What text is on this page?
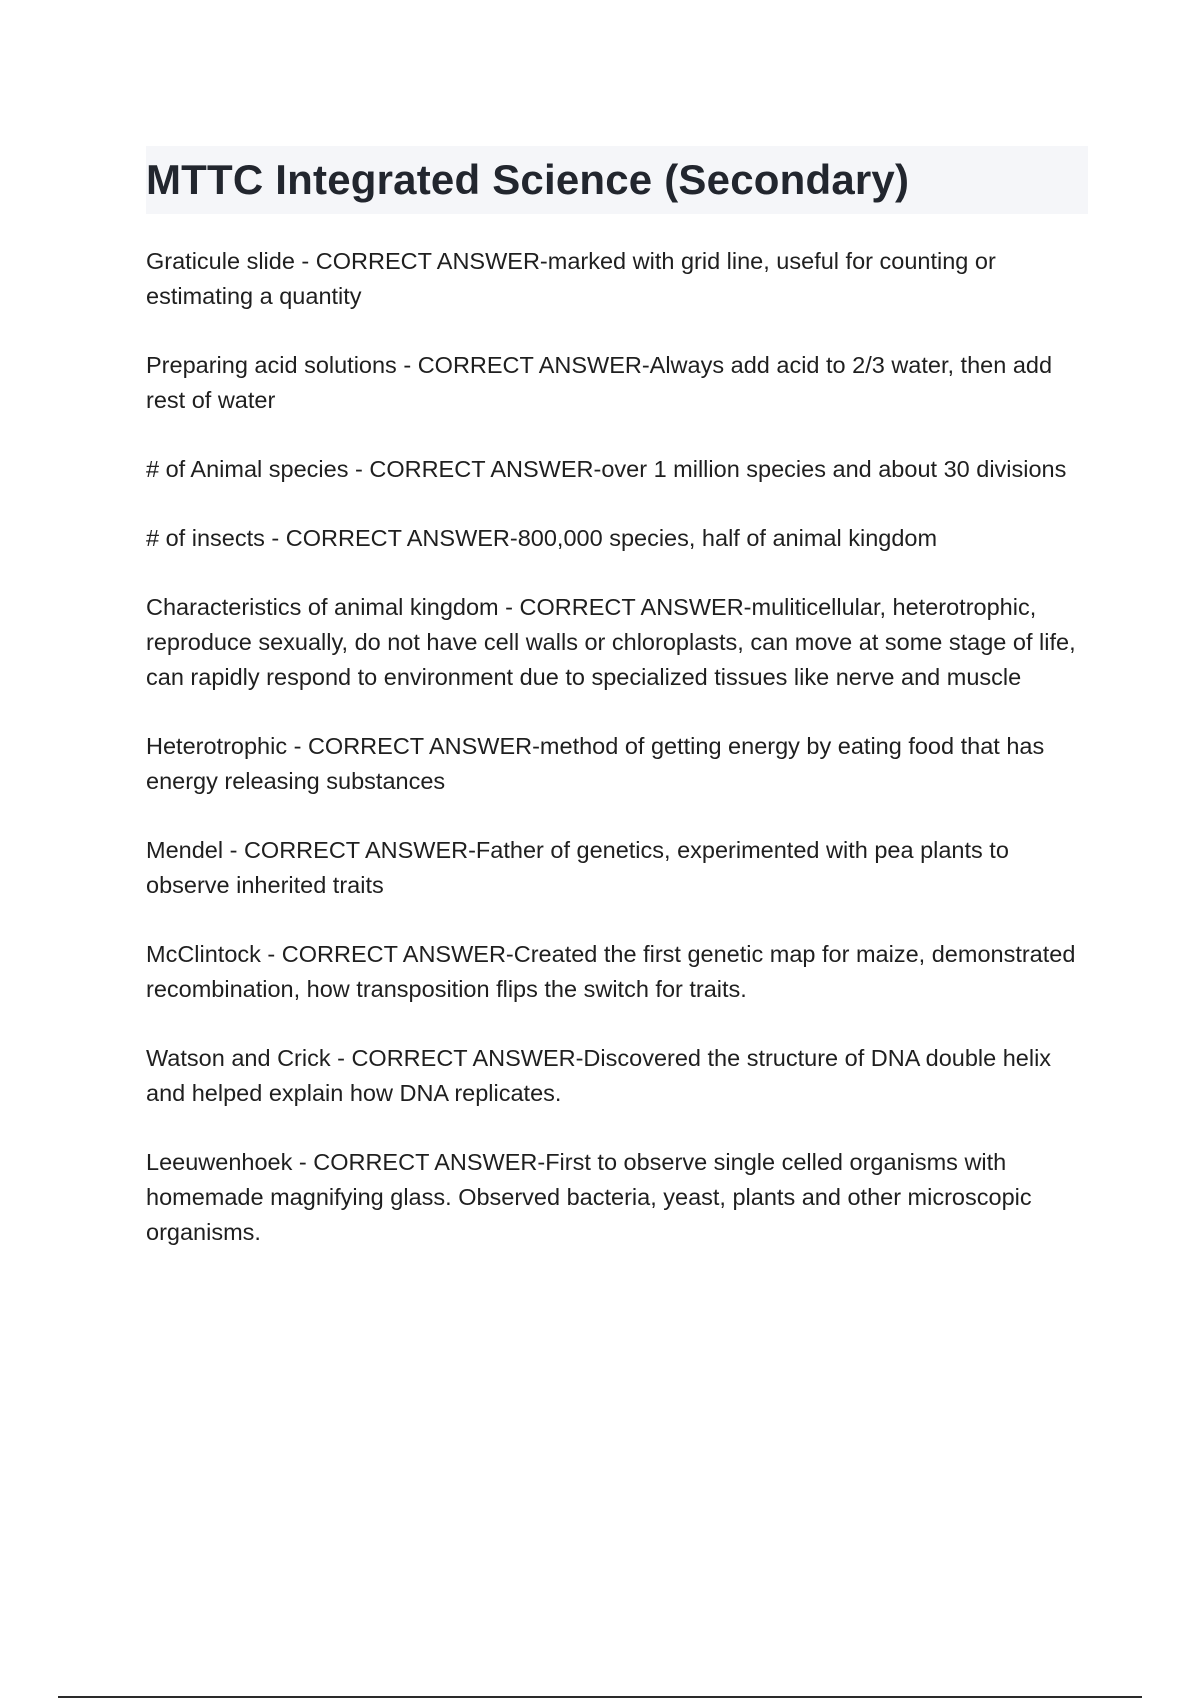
MTTC Integrated Science (Secondary)
Graticule slide - CORRECT ANSWER-marked with grid line, useful for counting or estimating a quantity
Preparing acid solutions - CORRECT ANSWER-Always add acid to 2/3 water, then add rest of water
# of Animal species - CORRECT ANSWER-over 1 million species and about 30 divisions
# of insects - CORRECT ANSWER-800,000 species, half of animal kingdom
Characteristics of animal kingdom - CORRECT ANSWER-muliticellular, heterotrophic, reproduce sexually, do not have cell walls or chloroplasts, can move at some stage of life, can rapidly respond to environment due to specialized tissues like nerve and muscle
Heterotrophic - CORRECT ANSWER-method of getting energy by eating food that has energy releasing substances
Mendel - CORRECT ANSWER-Father of genetics, experimented with pea plants to observe inherited traits
McClintock - CORRECT ANSWER-Created the first genetic map for maize, demonstrated recombination, how transposition flips the switch for traits.
Watson and Crick - CORRECT ANSWER-Discovered the structure of DNA double helix and helped explain how DNA replicates.
Leeuwenhoek - CORRECT ANSWER-First to observe single celled organisms with homemade magnifying glass. Observed bacteria, yeast, plants and other microscopic organisms.
